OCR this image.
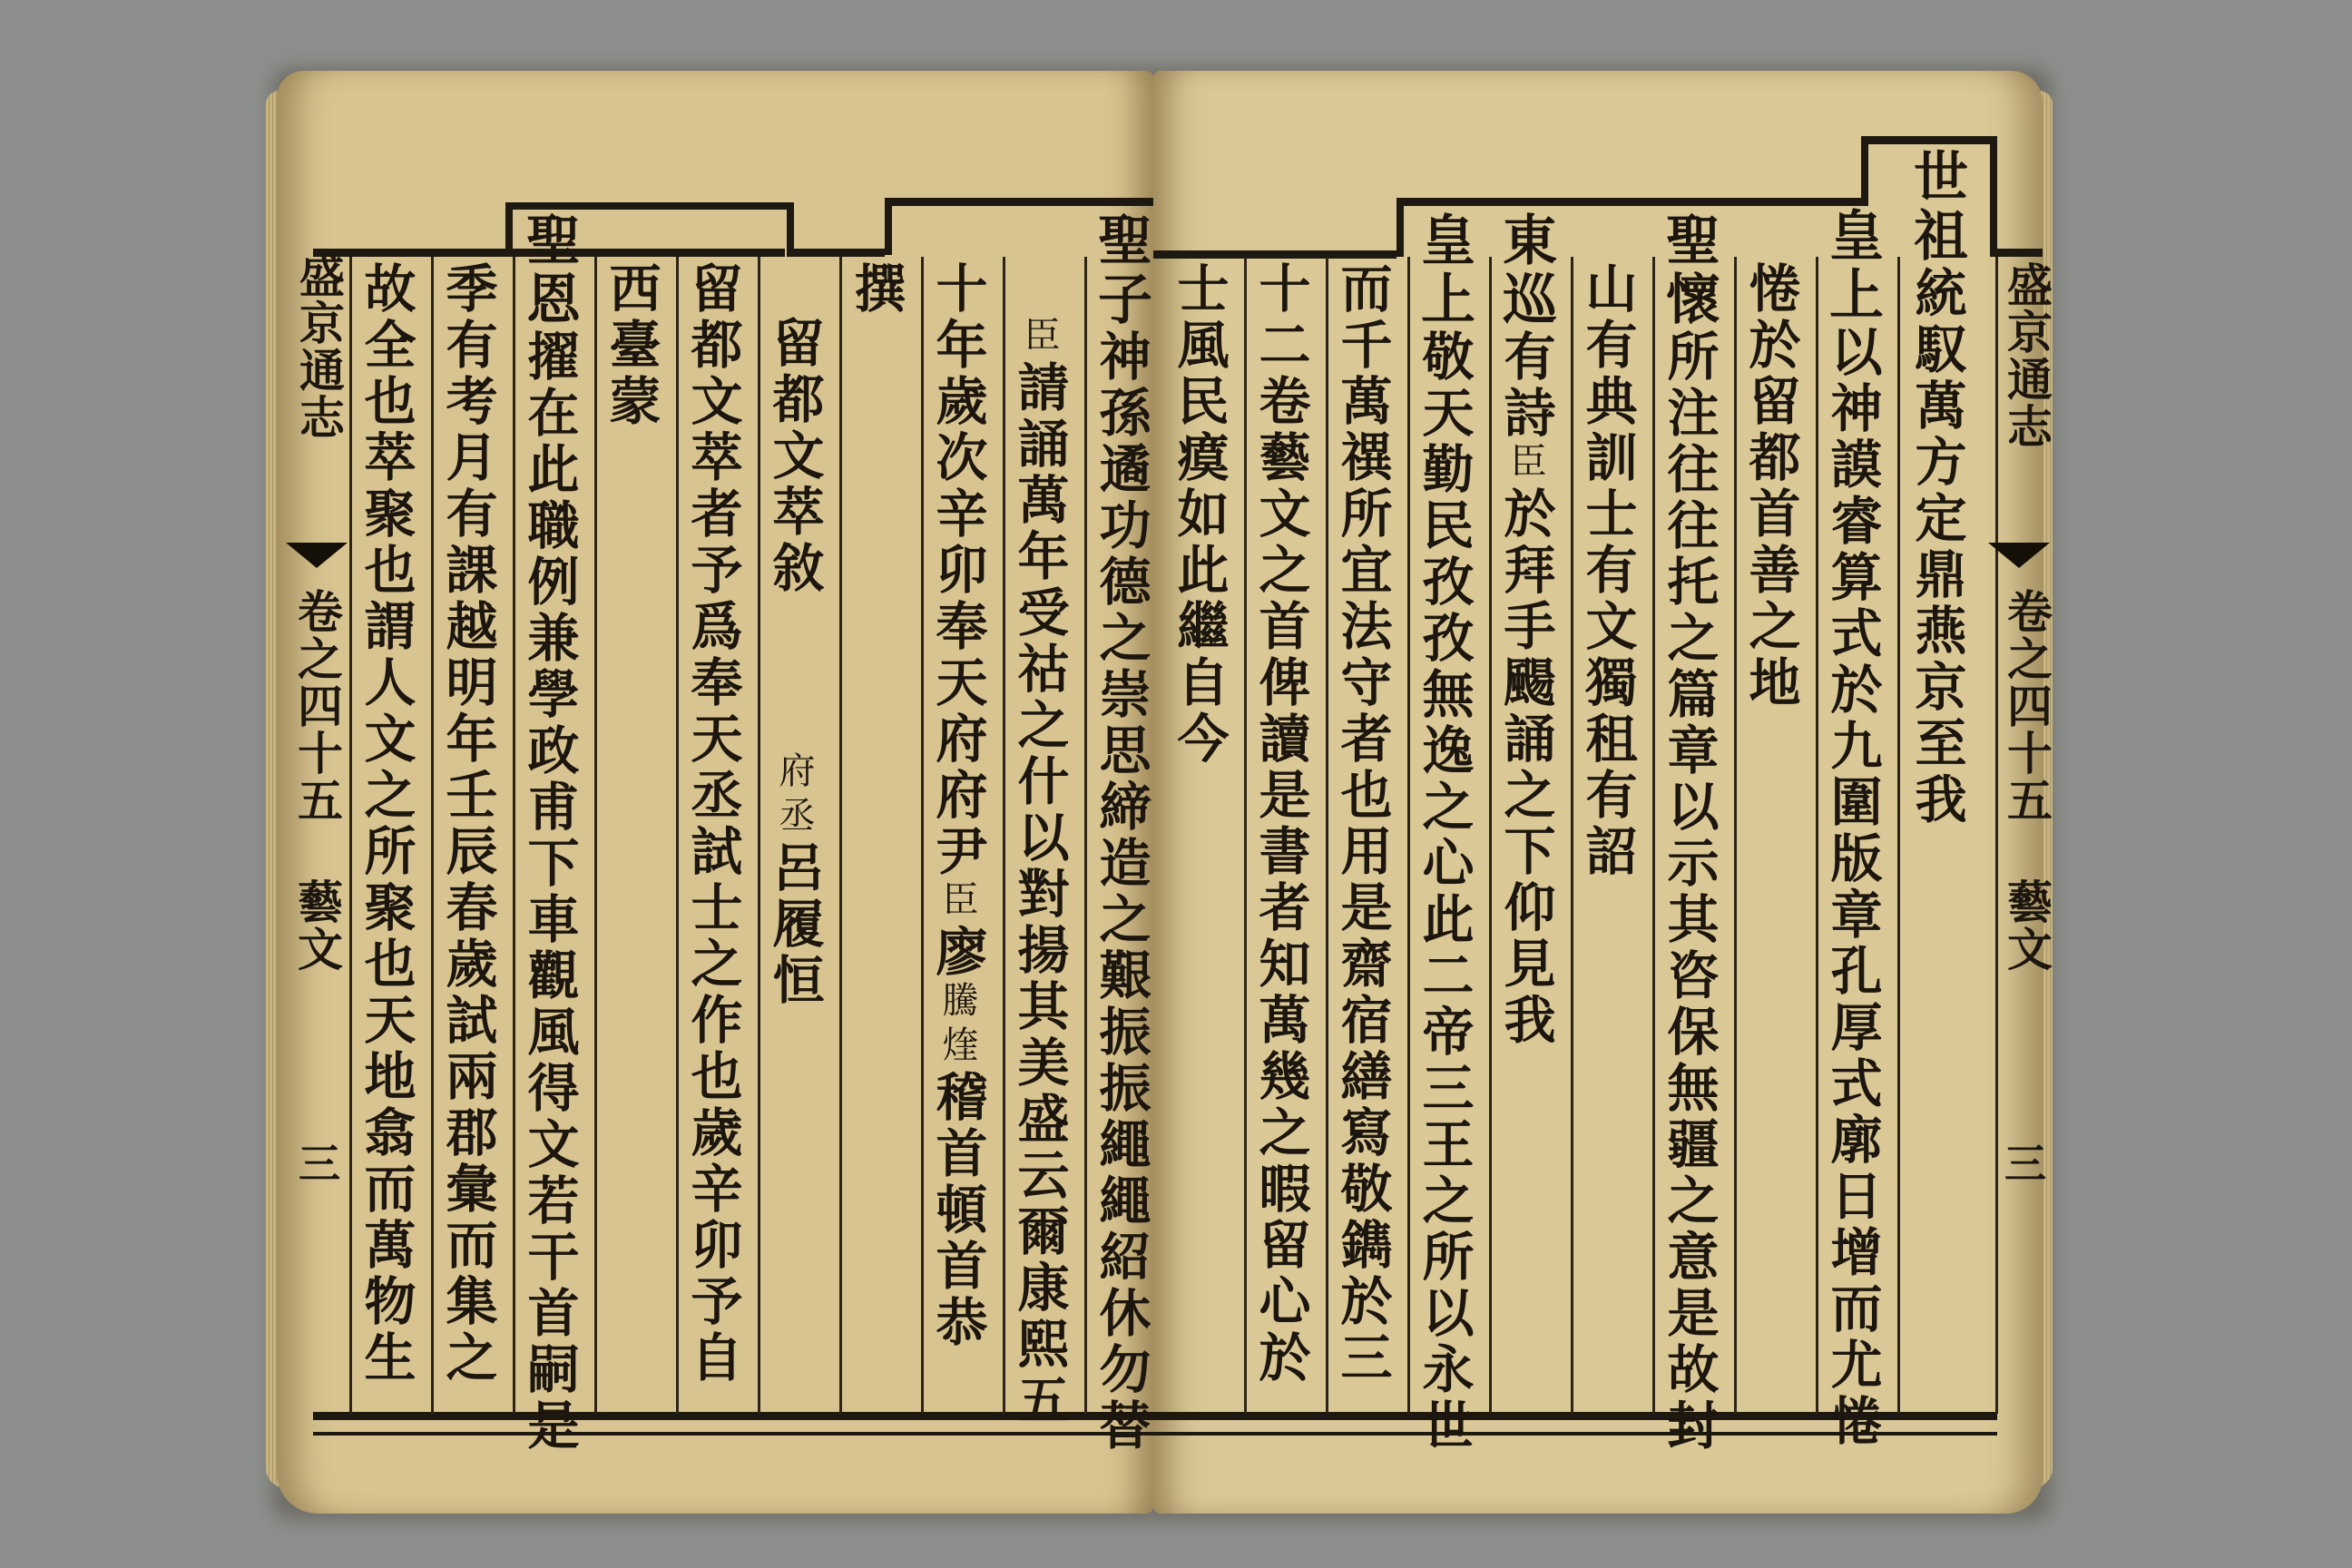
盛京通志
卷之四十五
藝文
三
聖子神孫遹功德之崇思締造之艱振振繩繩紹休勿替
臣請誦萬年受祜之什以對揚其美盛云爾康熙五
十年歲次辛卯奉天府府尹臣廖騰煃稽首頓首恭
撰
留都文萃敘府丞呂履恒
留都文萃者予爲奉天丞試士之作也歲辛卯予自
西臺蒙
聖恩擢在此職例兼學政甫下車觀風得文若干首嗣是
季有考月有課越明年壬辰春歲試兩郡彙而集之
故全也萃聚也謂人文之所聚也天地翕而萬物生	盛京通志
卷之四十五
藝文
三
世祖統馭萬方定鼎燕京至我
皇上以神謨睿算式於九圍版章孔厚式廓日增而尤惓
惓於留都首善之地
聖懷所注往往托之篇章以示其咨保無疆之意是故封
山有典訓士有文獨租有詔
東巡有詩臣於拜手颺誦之下仰見我
皇上敬天勤民孜孜無逸之心此二帝三王之所以永世
而千萬禩所宜法守者也用是齋宿繕寫敬鐫於三
十二卷藝文之首俾讀是書者知萬幾之暇留心於
士風民瘼如此繼自今
